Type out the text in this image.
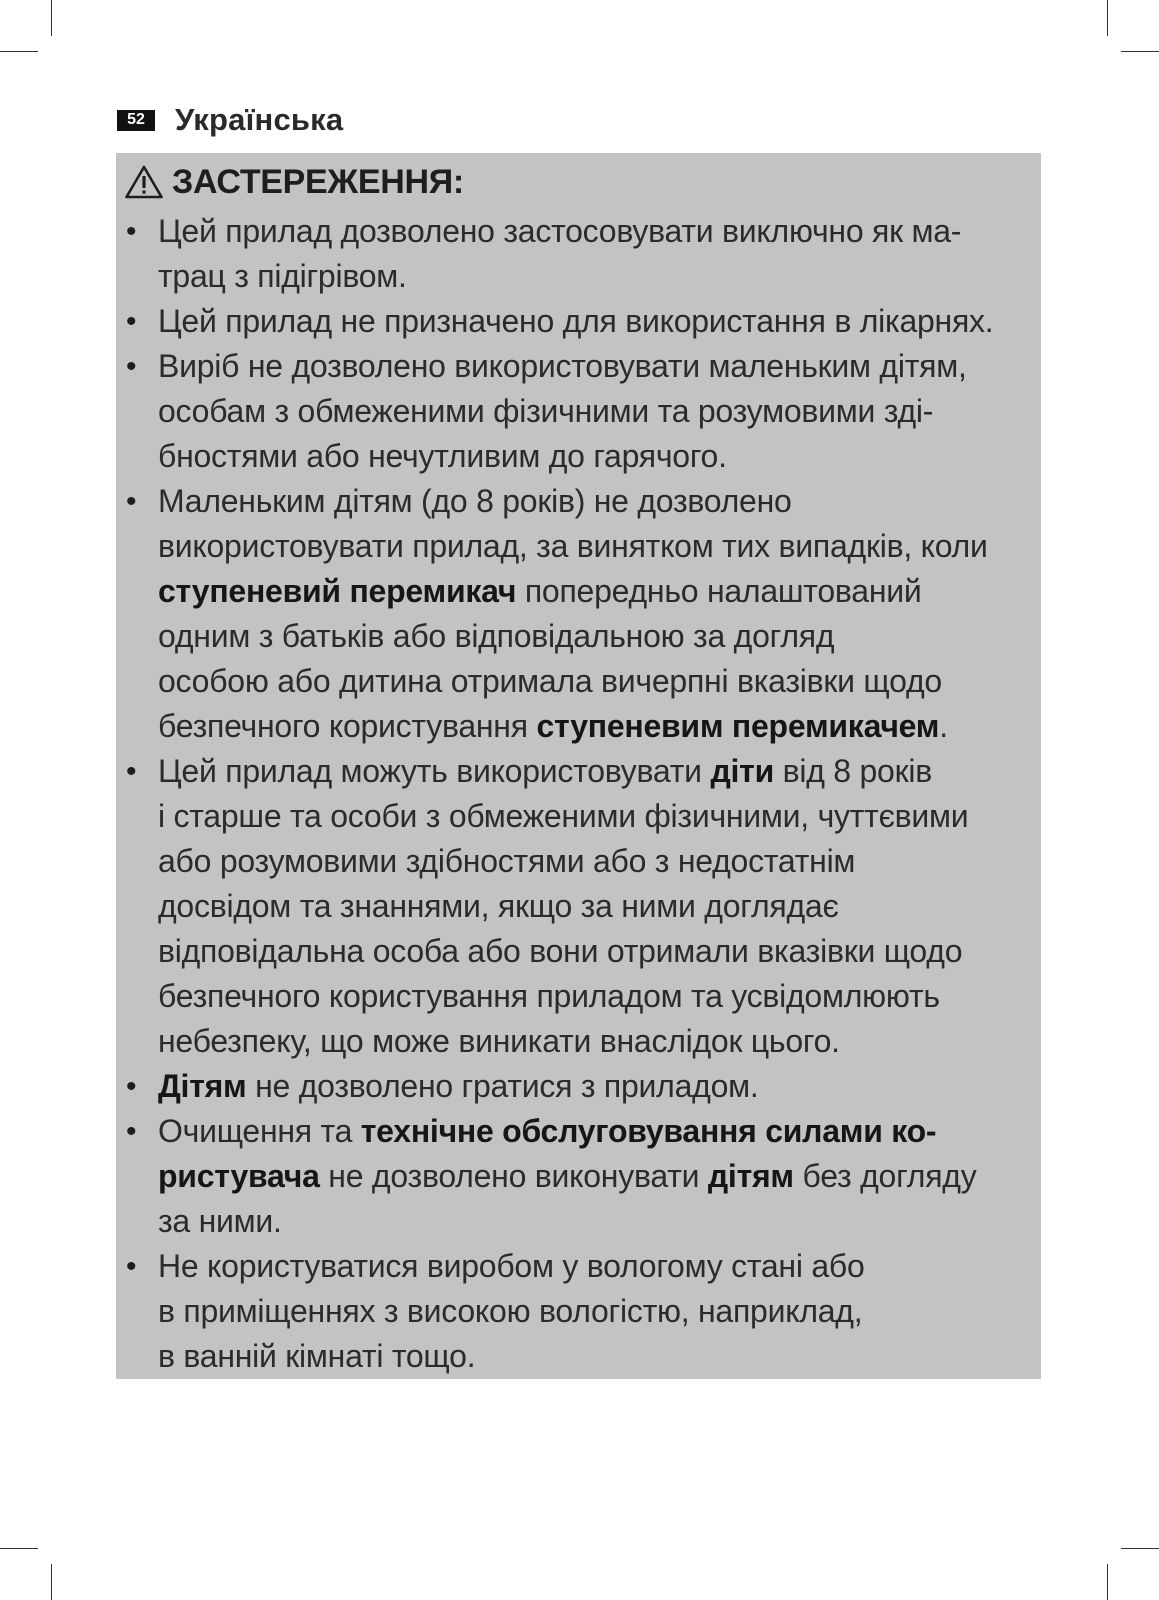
52 Українська
ЗАСТЕРЕЖЕННЯ:
• Цей прилад дозволено застосовувати виключно як ма-
трац з підігрівом.
• Цей прилад не призначено для використання в лікарнях.
• Виріб не дозволено використовувати маленьким дітям,
особам з обмеженими фізичними та розумовими зді-
бностями або нечутливим до гарячого.
• Маленьким дітям (до 8 років) не дозволено
використовувати прилад, за винятком тих випадків, коли
ступеневий перемикач попередньо налаштований
одним з батьків або відповідальною за догляд
особою або дитина отримала вичерпні вказівки щодо
безпечного користування ступеневим перемикачем.
• Цей прилад можуть використовувати діти від 8 років
і старше та особи з обмеженими фізичними, чуттєвими
або розумовими здібностями або з недостатнім
досвідом та знаннями, якщо за ними доглядає
відповідальна особа або вони отримали вказівки щодо
безпечного користування приладом та усвідомлюють
небезпеку, що може виникати внаслідок цього.
• Дітям не дозволено гратися з приладом.
• Очищення та технічне обслуговування силами ко-
ристувача не дозволено виконувати дітям без догляду
за ними.
• Не користуватися виробом у вологому стані або
в приміщеннях з високою вологістю, наприклад,
в ванній кімнаті тощо.
